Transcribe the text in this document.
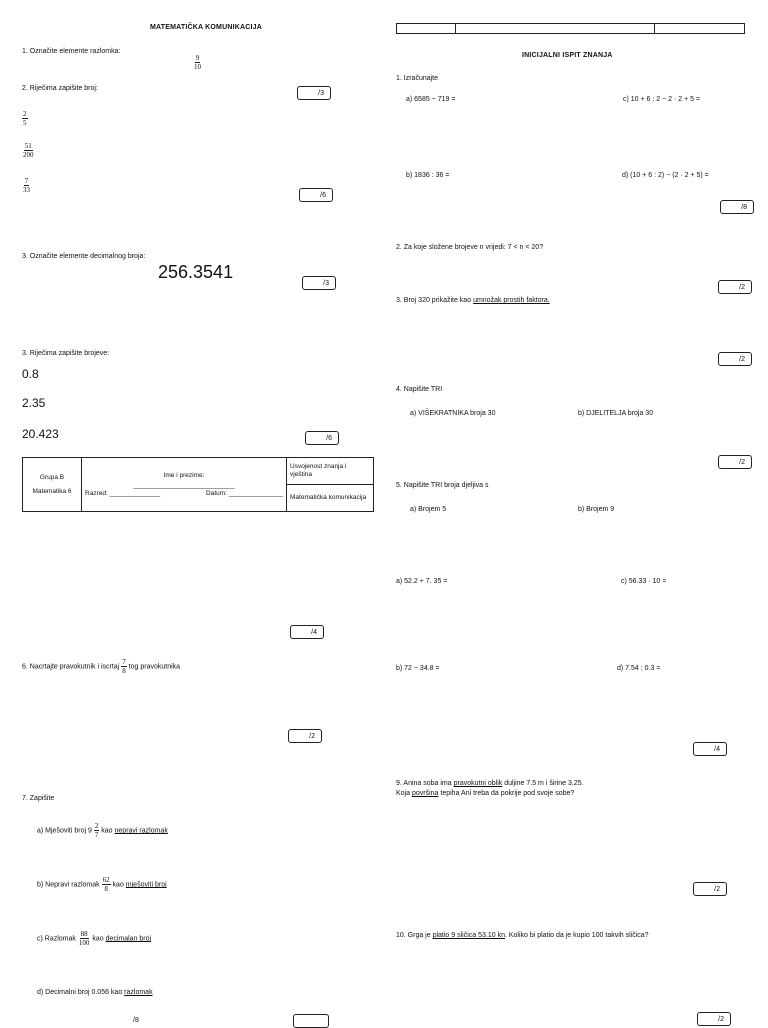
MATEMATIČKA KOMUNIKACIJA
1. Označite elemente razlomka:
$\frac{9}{10}$
2. Riječima zapišite broj:
/3
$\frac{2}{5}$
$\frac{51}{200}$
$\frac{7}{33}$
/6
3. Označite elemente decimalnog broja:
256.3541
/3
3. Riječima zapišite brojeve:
0.8
2.35
20.423	/6
Grupa B
Matematika 6

Ime i prezime:
____________________________
Razred: ______________	Datum: _______________
	Usvojenost znanja i vještina
Matematička komunikacija
/4
6. Nacrtajte pravokutnik i iscrtaj $\frac{7}{8}$ tog pravokutnika
/2
7. Zapišite
a) Mješoviti broj $9 \frac{2}{7}$ kao nepravi razlomak
b) Nepravi razlomak $\frac{62}{8}$ kao mješoviti broj
c) Razlomak $\frac{88}{100}$ kao decimalan broj
d) Decimalni broj 0.056 kao razlomak
/8
INICIJALNI ISPIT ZNANJA
1. Izračunajte
a) 6585 − 719 =	c) 10 + 6 : 2 − 2 · 2 + 5 =
b) 1836 : 36 =	d) (10 + 6 : 2) − (2 · 2 + 5) =
/8
2. Za koje složene brojeve n vrijedi: 7 < n < 20?
/2
3. Broj 320 prikažite kao umnožak prostih faktora.
/2
4. Napišite TRI
a) VIŠEKRATNIKA broja 30	b) DJELITELJA broja 30
/2
5. Napišite TRI broja djeljiva s
a) Brojem 5	b) Brojem 9
a) 52.2 + 7. 35 =	c) 56.33 · 10 =
b) 72 − 34.8 =	d) 7.54 : 0.3 =
/4
9. Anina soba ima pravokutni oblik duljine 7.5 m i širine 3.25.
Koja površina tepiha Ani treba da pokrije pod svoje sobe?
/2
10. Grga je platio 9 sličica 53.10 kn. Koliko bi platio da je kupio 100 takvih sličica?
/2
